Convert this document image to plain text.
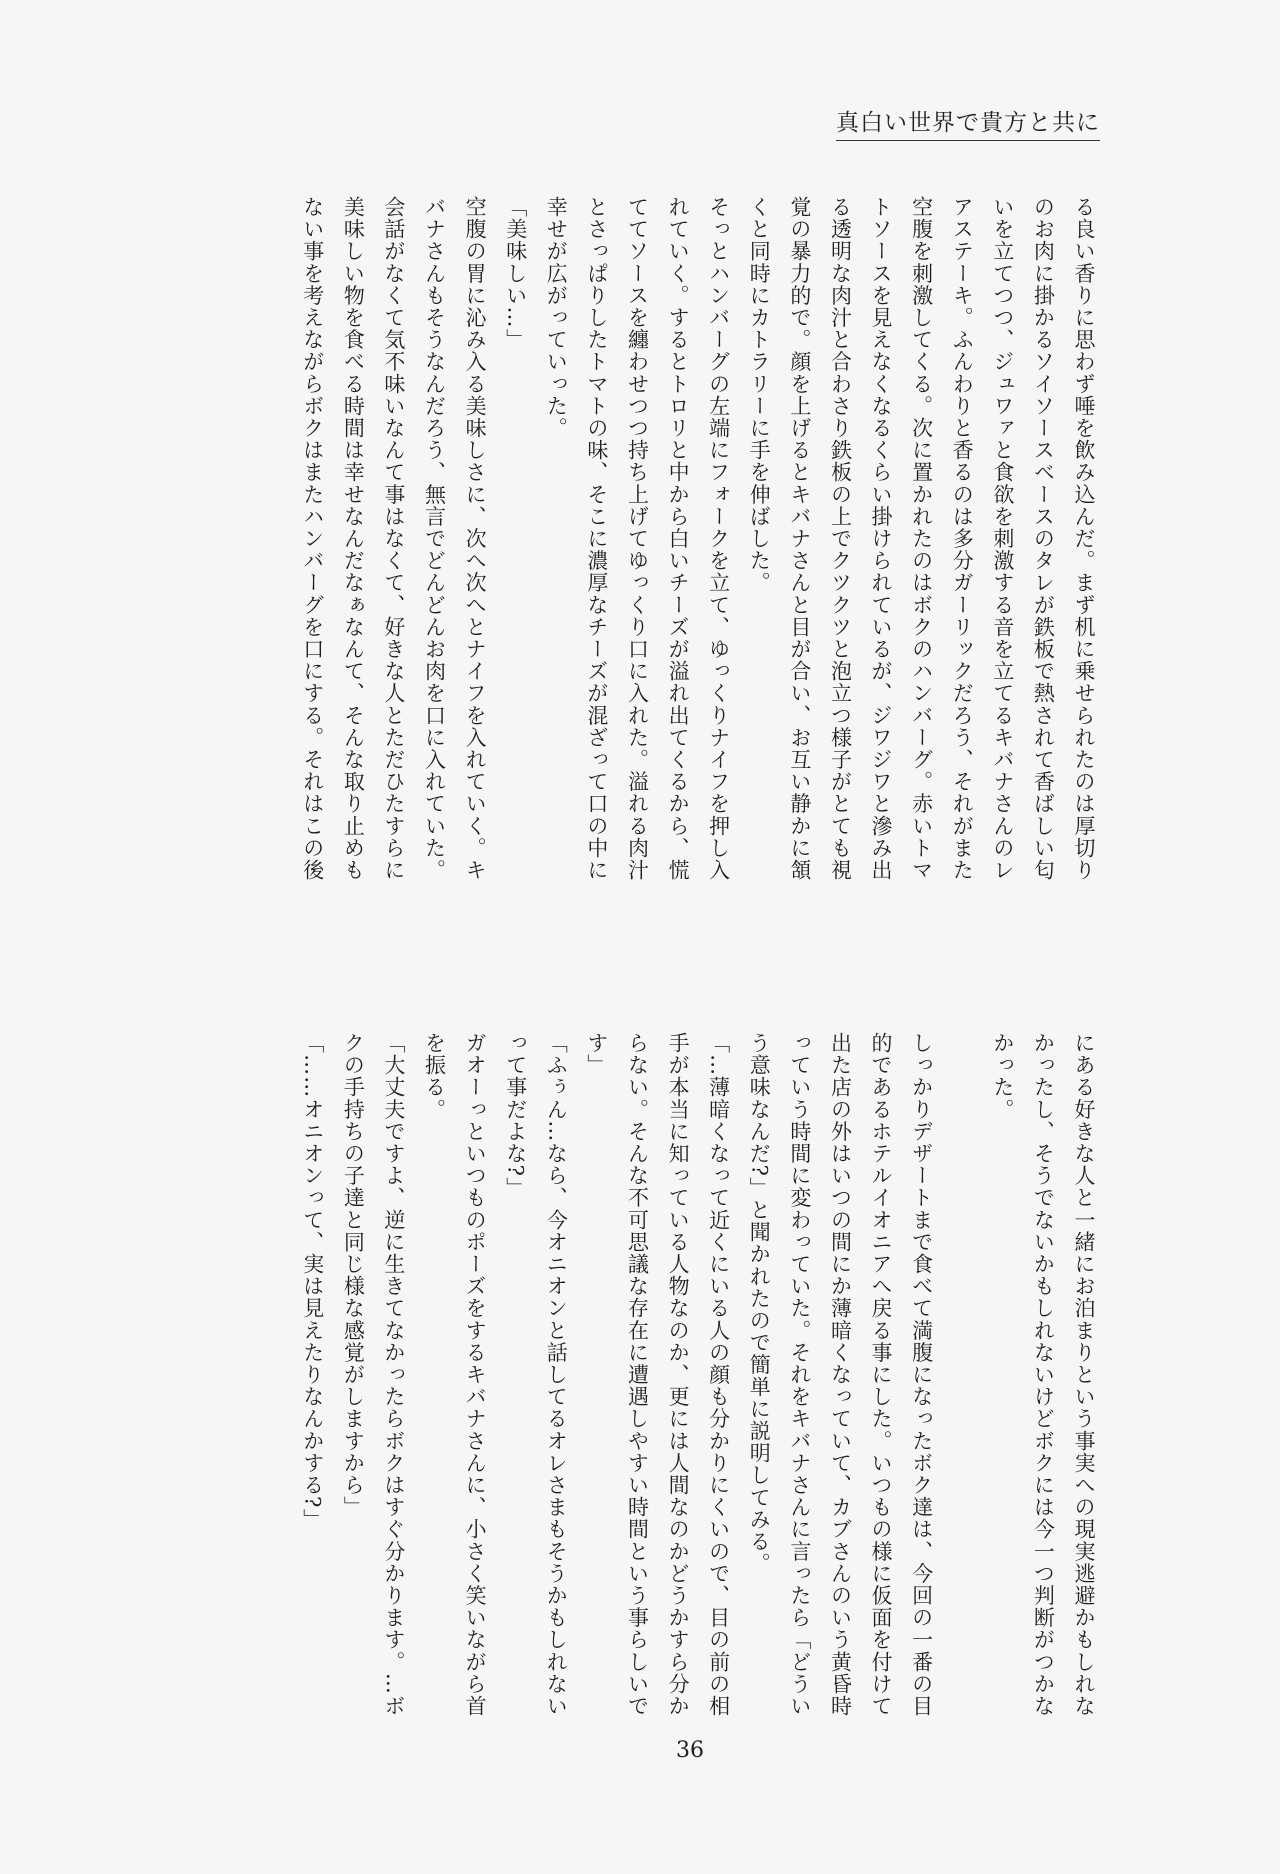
真白い世界で貴方と共に
る良い香りに思わず唾を飲み込んだ。まず机に乗せられたのは厚切り
のお肉に掛かるソイソースベースのタレが鉄板で熱されて香ばしい匂
いを立てつつ、ジュワァと食欲を刺激する音を立てるキバナさんのレ
アステーキ。ふんわりと香るのは多分ガーリックだろう、それがまた
空腹を刺激してくる。次に置かれたのはボクのハンバーグ。赤いトマ
トソースを見えなくなるくらい掛けられているが、ジワジワと滲み出
る透明な肉汁と合わさり鉄板の上でクツクツと泡立つ様子がとても視
覚の暴力的で。顔を上げるとキバナさんと目が合い、お互い静かに頷
くと同時にカトラリーに手を伸ばした。
そっとハンバーグの左端にフォークを立て、ゆっくりナイフを押し入
れていく。するとトロリと中から白いチーズが溢れ出てくるから、慌
ててソースを纏わせつつ持ち上げてゆっくり口に入れた。溢れる肉汁
とさっぱりしたトマトの味、そこに濃厚なチーズが混ざって口の中に
幸せが広がっていった。
「美味しい…」
空腹の胃に沁み入る美味しさに、次へ次へとナイフを入れていく。キ
バナさんもそうなんだろう、無言でどんどんお肉を口に入れていた。
会話がなくて気不味いなんて事はなくて、好きな人とただひたすらに
美味しい物を食べる時間は幸せなんだなぁなんて、そんな取り止めも
ない事を考えながらボクはまたハンバーグを口にする。それはこの後
にある好きな人と一緒にお泊まりという事実への現実逃避かもしれな
かったし、そうでないかもしれないけどボクには今一つ判断がつかな
かった。
しっかりデザートまで食べて満腹になったボク達は、今回の一番の目
的であるホテルイオニアへ戻る事にした。いつもの様に仮面を付けて
出た店の外はいつの間にか薄暗くなっていて、カブさんのいう黄昏時
っていう時間に変わっていた。それをキバナさんに言ったら「どうい
う意味なんだ?」と聞かれたので簡単に説明してみる。
「…薄暗くなって近くにいる人の顔も分かりにくいので、目の前の相
手が本当に知っている人物なのか、更には人間なのかどうかすら分か
らない。そんな不可思議な存在に遭遇しやすい時間という事らしいで
す」
「ふぅん…なら、今オニオンと話してるオレさまもそうかもしれない
って事だよな?」
ガオーっといつものポーズをするキバナさんに、小さく笑いながら首
を振る。
「大丈夫ですよ、逆に生きてなかったらボクはすぐ分かります。…ボ
クの手持ちの子達と同じ様な感覚がしますから」
「……オニオンって、実は見えたりなんかする?」
36
